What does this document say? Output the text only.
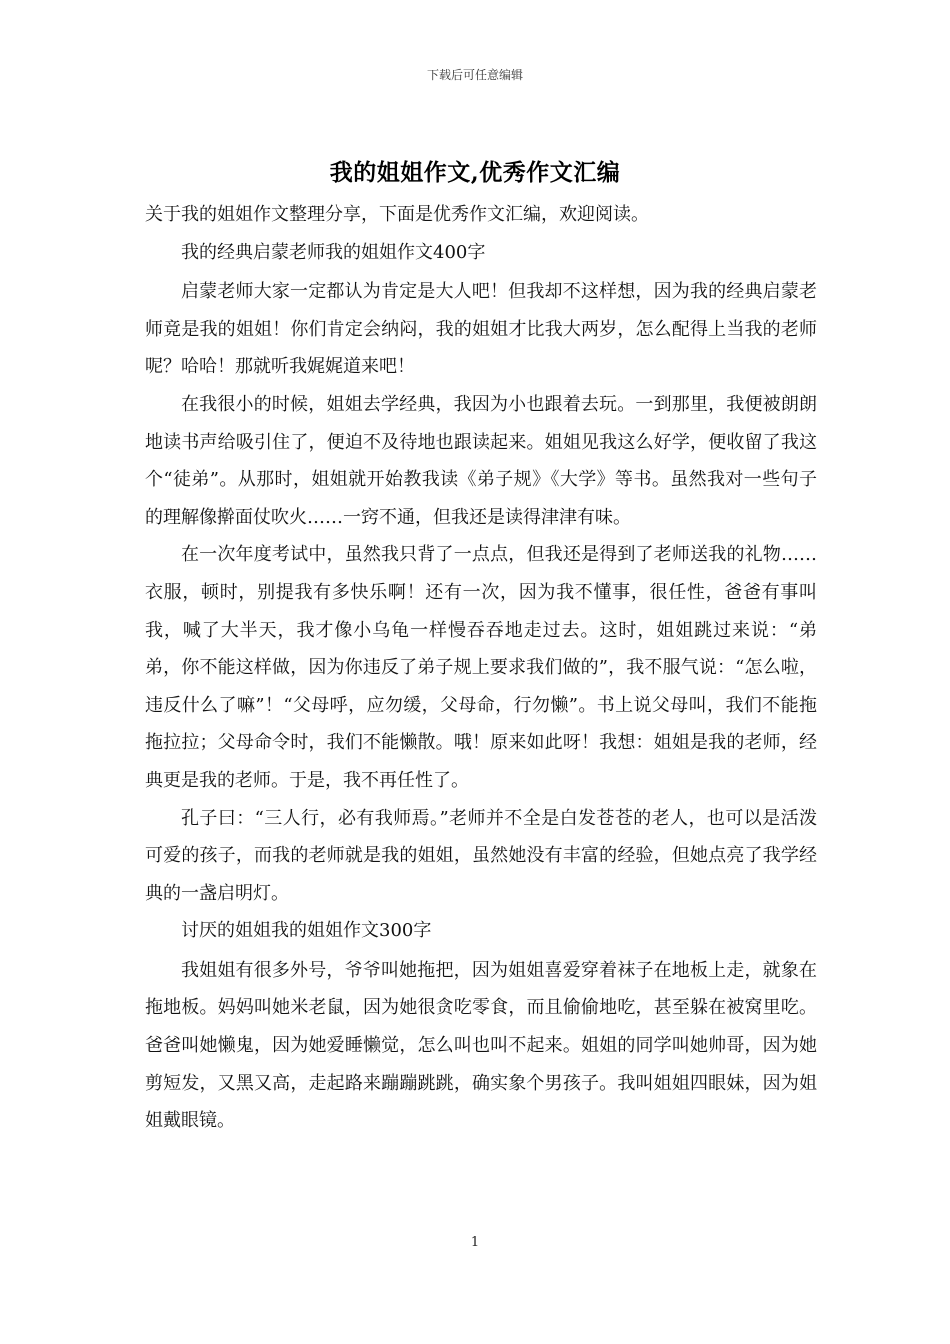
下载后可任意编辑
我的姐姐作文,优秀作文汇编

关于我的姐姐作文整理分享，下面是优秀作文汇编，欢迎阅读。

我的经典启蒙老师我的姐姐作文400字

启蒙老师大家一定都认为肯定是大人吧！但我却不这样想，因为我的经典启蒙老师竟是我的姐姐！你们肯定会纳闷，我的姐姐才比我大两岁，怎么配得上当我的老师呢？哈哈！那就听我娓娓道来吧！

在我很小的时候，姐姐去学经典，我因为小也跟着去玩。一到那里，我便被朗朗地读书声给吸引住了，便迫不及待地也跟读起来。姐姐见我这么好学，便收留了我这个“徒弟”。从那时，姐姐就开始教我读《弟子规》《大学》等书。虽然我对一些句子的理解像擀面仗吹火……一窍不通，但我还是读得津津有味。

在一次年度考试中，虽然我只背了一点点，但我还是得到了老师送我的礼物……衣服，顿时，别提我有多快乐啊！还有一次，因为我不懂事，很任性，爸爸有事叫我，喊了大半天，我才像小乌龟一样慢吞吞地走过去。这时，姐姐跳过来说：“弟弟，你不能这样做，因为你违反了弟子规上要求我们做的”，我不服气说：“怎么啦，违反什么了嘛”！“父母呼，应勿缓，父母命，行勿懒”。书上说父母叫，我们不能拖拖拉拉；父母命令时，我们不能懒散。哦！原来如此呀！我想：姐姐是我的老师，经典更是我的老师。于是，我不再任性了。

孔子曰：“三人行，必有我师焉。”老师并不全是白发苍苍的老人，也可以是活泼可爱的孩子，而我的老师就是我的姐姐，虽然她没有丰富的经验，但她点亮了我学经典的一盏启明灯。

讨厌的姐姐我的姐姐作文300字

我姐姐有很多外号，爷爷叫她拖把，因为姐姐喜爱穿着袜子在地板上走，就象在拖地板。妈妈叫她米老鼠，因为她很贪吃零食，而且偷偷地吃，甚至躲在被窝里吃。爸爸叫她懒鬼，因为她爱睡懒觉，怎么叫也叫不起来。姐姐的同学叫她帅哥，因为她剪短发，又黑又高，走起路来蹦蹦跳跳，确实象个男孩子。我叫姐姐四眼妹，因为姐姐戴眼镜。

1
